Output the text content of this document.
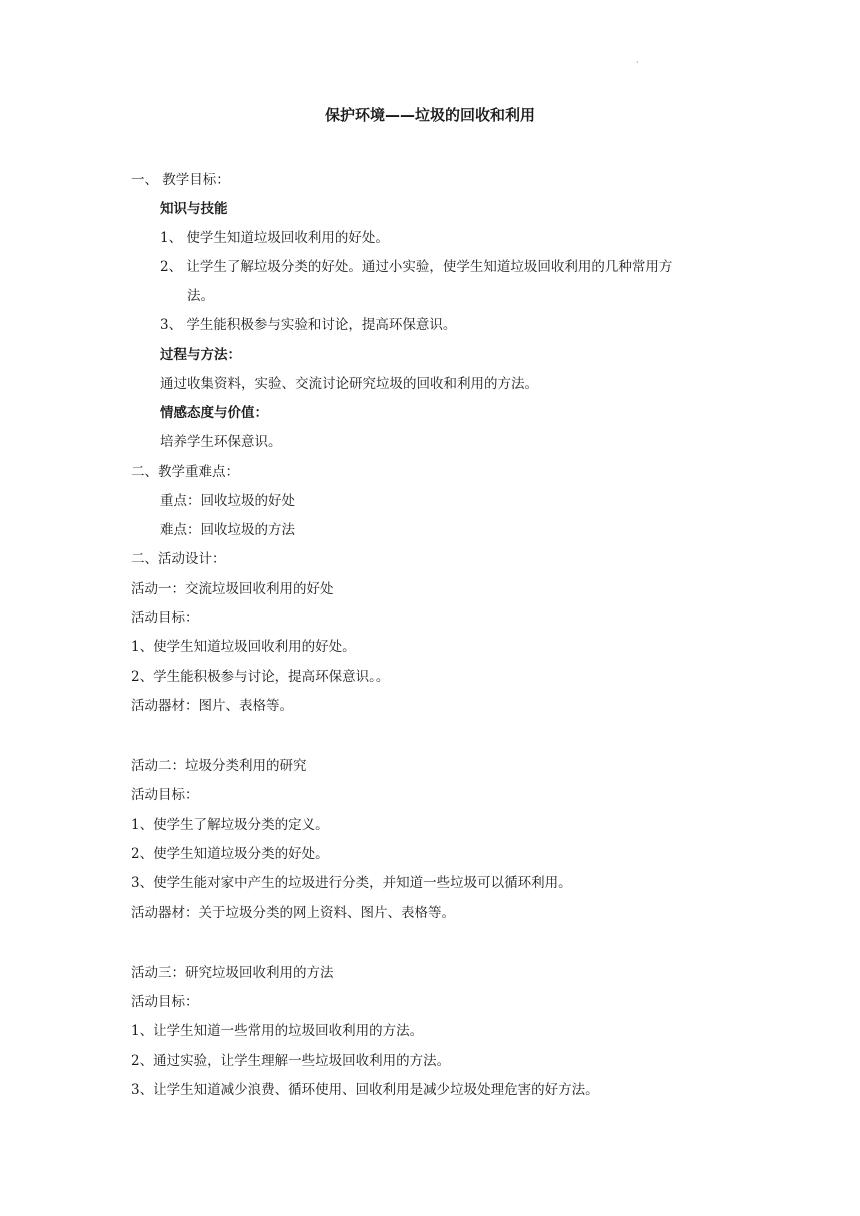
·
保护环境——垃圾的回收和利用
一、 教学目标：
知识与技能
1、 使学生知道垃圾回收利用的好处。
2、 让学生了解垃圾分类的好处。通过小实验，使学生知道垃圾回收利用的几种常用方
法。
3、 学生能积极参与实验和讨论，提高环保意识。
过程与方法：
通过收集资料，实验、交流讨论研究垃圾的回收和利用的方法。
情感态度与价值：
培养学生环保意识。
二、教学重难点：
重点：回收垃圾的好处
难点：回收垃圾的方法
二、活动设计：
活动一：交流垃圾回收利用的好处
活动目标：
1、使学生知道垃圾回收利用的好处。
2、学生能积极参与讨论，提高环保意识。。
活动器材：图片、表格等。
活动二：垃圾分类利用的研究
活动目标：
1、使学生了解垃圾分类的定义。
2、使学生知道垃圾分类的好处。
3、使学生能对家中产生的垃圾进行分类，并知道一些垃圾可以循环利用。
活动器材：关于垃圾分类的网上资料、图片、表格等。
活动三：研究垃圾回收利用的方法
活动目标：
1、让学生知道一些常用的垃圾回收利用的方法。
2、通过实验，让学生理解一些垃圾回收利用的方法。
3、让学生知道减少浪费、循环使用、回收利用是减少垃圾处理危害的好方法。
